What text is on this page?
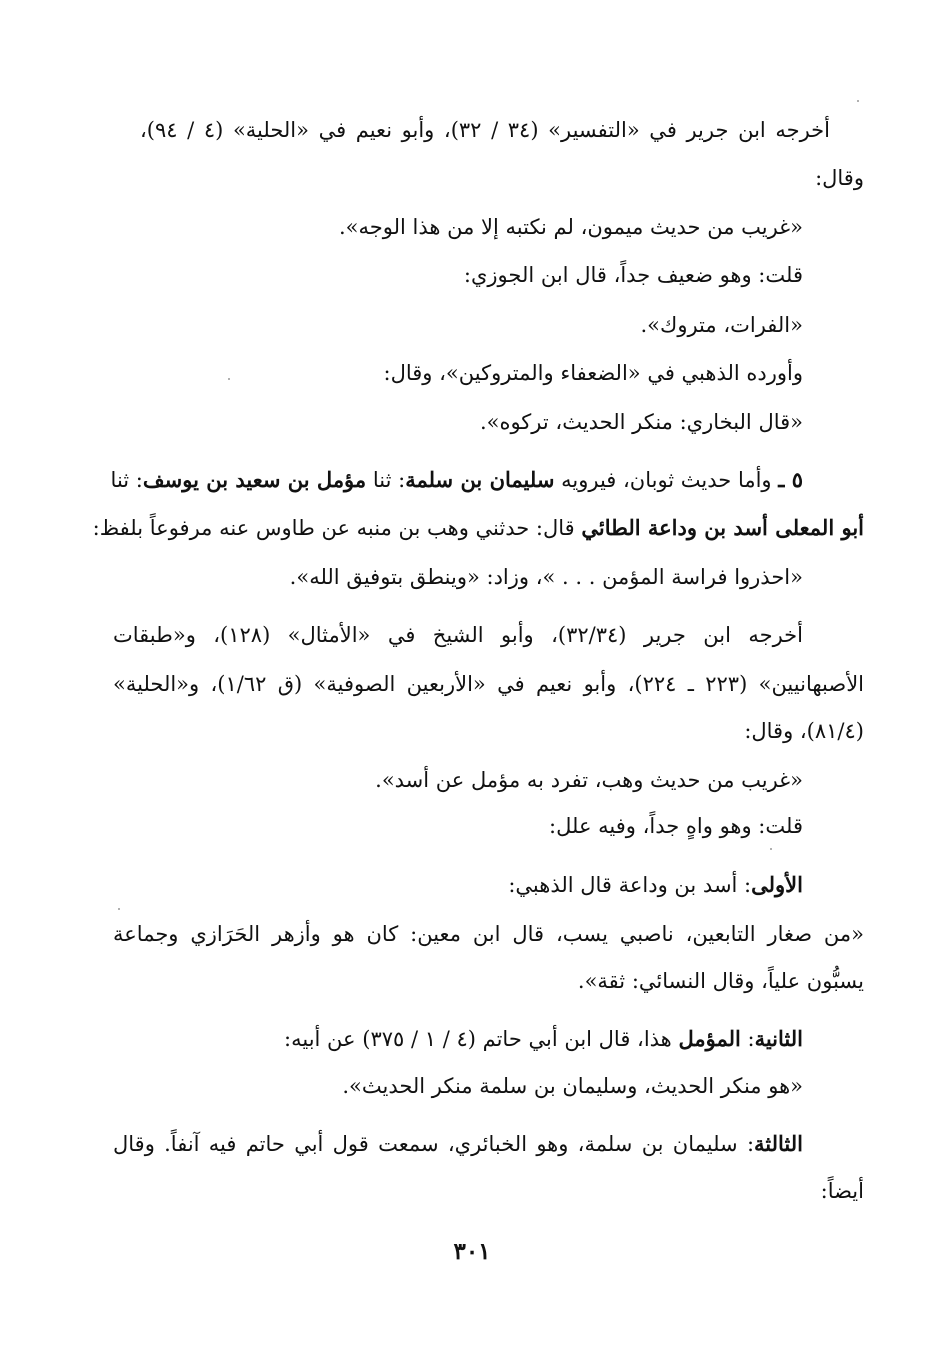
أخرجه ابن جرير في «التفسير» (٣٤ / ٣٢)، وأبو نعيم في «الحلية» (٤ / ٩٤)،
وقال:
«غريب من حديث ميمون، لم نكتبه إلا من هذا الوجه».
قلت: وهو ضعيف جداً، قال ابن الجوزي:
«الفرات، متروك».
وأورده الذهبي في «الضعفاء والمتروكين»، وقال:
«قال البخاري: منكر الحديث، تركوه».
٥ ـ وأما حديث ثوبان، فيرويه سليمان بن سلمة: ثنا مؤمل بن سعيد بن يوسف: ثنا
أبو المعلى أسد بن وداعة الطائي قال: حدثني وهب بن منبه عن طاوس عنه مرفوعاً بلفظ:
«احذروا فراسة المؤمن . . . »، وزاد: «وينطق بتوفيق الله».
أخرجه ابن جرير (٣٢/٣٤)، وأبو الشيخ في «الأمثال» (١٢٨)، و«طبقات
الأصبهانيين» (٢٢٣ ـ ٢٢٤)، وأبو نعيم في «الأربعين الصوفية» (ق ١/٦٢)، و«الحلية»
(٨١/٤)، وقال:
«غريب من حديث وهب، تفرد به مؤمل عن أسد».
قلت: وهو واهٍ جداً، وفيه علل:
الأولى: أسد بن وداعة قال الذهبي:
«من صغار التابعين، ناصبي يسب، قال ابن معين: كان هو وأزهر الحَرَازي وجماعة
يسبُّون علياً، وقال النسائي: ثقة».
الثانية: المؤمل هذا، قال ابن أبي حاتم (٤ / ١ / ٣٧٥) عن أبيه:
«هو منكر الحديث، وسليمان بن سلمة منكر الحديث».
الثالثة: سليمان بن سلمة، وهو الخبائري، سمعت قول أبي حاتم فيه آنفاً. وقال
أيضاً:
٣٠١
